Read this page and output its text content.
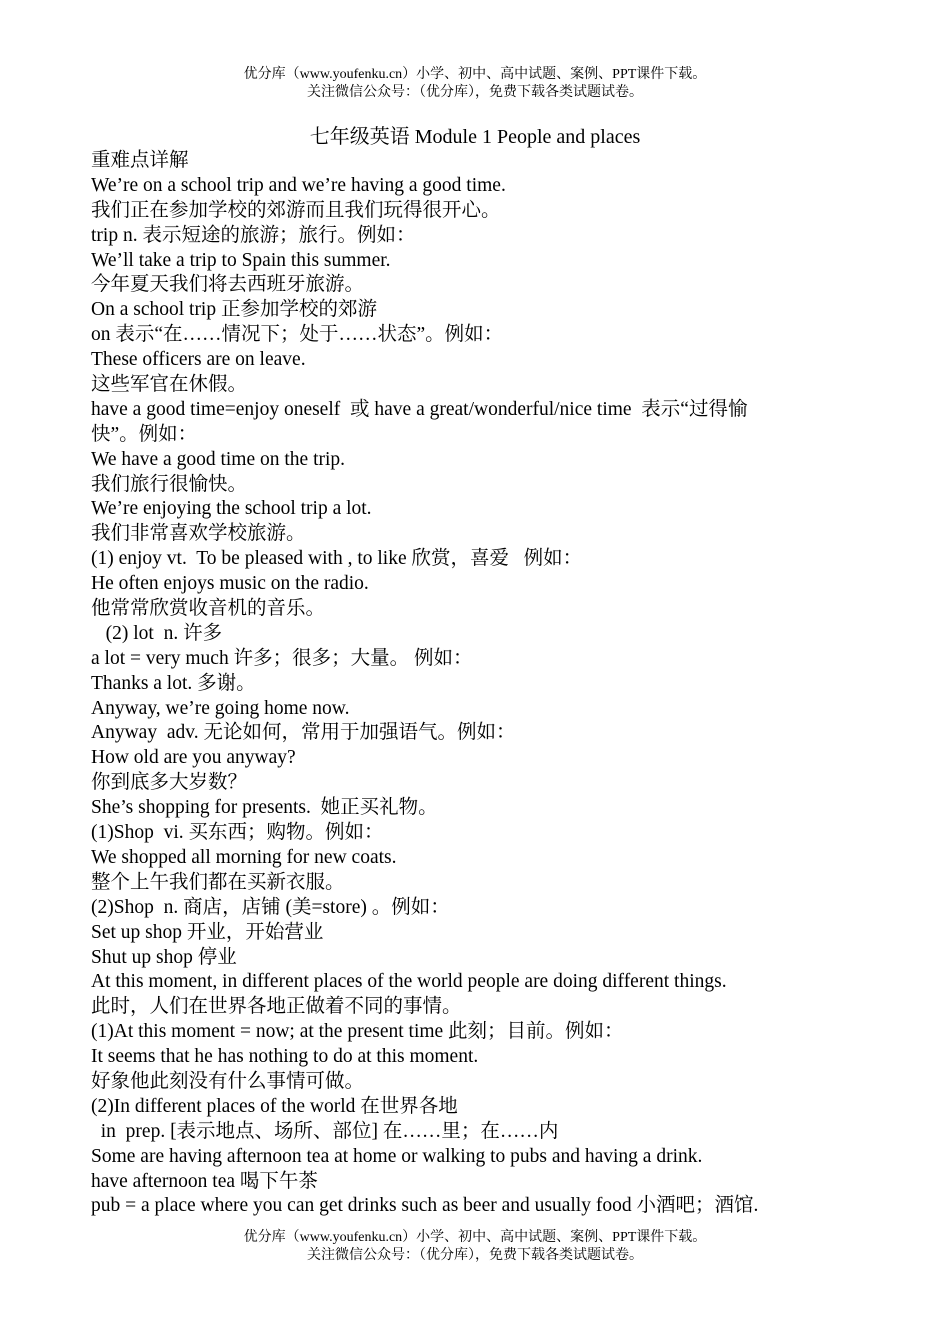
优分库（www.youfenku.cn）小学、初中、高中试题、案例、PPT课件下载。
关注微信公众号：（优分库），免费下载各类试题试卷。
七年级英语 Module 1 People and places
重难点详解
We’re on a school trip and we’re having a good time.
我们正在参加学校的郊游而且我们玩得很开心。
trip n. 表示短途的旅游；旅行。例如：
We’ll take a trip to Spain this summer.
今年夏天我们将去西班牙旅游。
On a school trip 正参加学校的郊游
on 表示“在……情况下；处于……状态”。例如：
These officers are on leave.
这些军官在休假。
have a good time=enjoy oneself  或 have a great/wonderful/nice time  表示“过得愉
快”。例如：
We have a good time on the trip.
我们旅行很愉快。
We’re enjoying the school trip a lot.
我们非常喜欢学校旅游。
(1) enjoy vt.  To be pleased with , to like 欣赏，喜爱   例如：
He often enjoys music on the radio.
他常常欣赏收音机的音乐。
(2) lot  n. 许多
a lot = very much 许多；很多；大量。 例如：
Thanks a lot. 多谢。
Anyway, we’re going home now.
Anyway  adv. 无论如何，常用于加强语气。例如：
How old are you anyway?
你到底多大岁数？
She’s shopping for presents.  她正买礼物。
(1)Shop  vi. 买东西；购物。例如：
We shopped all morning for new coats.
整个上午我们都在买新衣服。
(2)Shop  n. 商店，店铺 (美=store) 。例如：
Set up shop 开业，开始营业
Shut up shop 停业
At this moment, in different places of the world people are doing different things.
此时，人们在世界各地正做着不同的事情。
(1)At this moment = now; at the present time 此刻；目前。例如：
It seems that he has nothing to do at this moment.
好象他此刻没有什么事情可做。
(2)In different places of the world 在世界各地
in  prep. [表示地点、场所、部位] 在……里；在……内
Some are having afternoon tea at home or walking to pubs and having a drink.
have afternoon tea 喝下午茶
pub = a place where you can get drinks such as beer and usually food 小酒吧；酒馆.
优分库（www.youfenku.cn）小学、初中、高中试题、案例、PPT课件下载。
关注微信公众号：（优分库），免费下载各类试题试卷。
